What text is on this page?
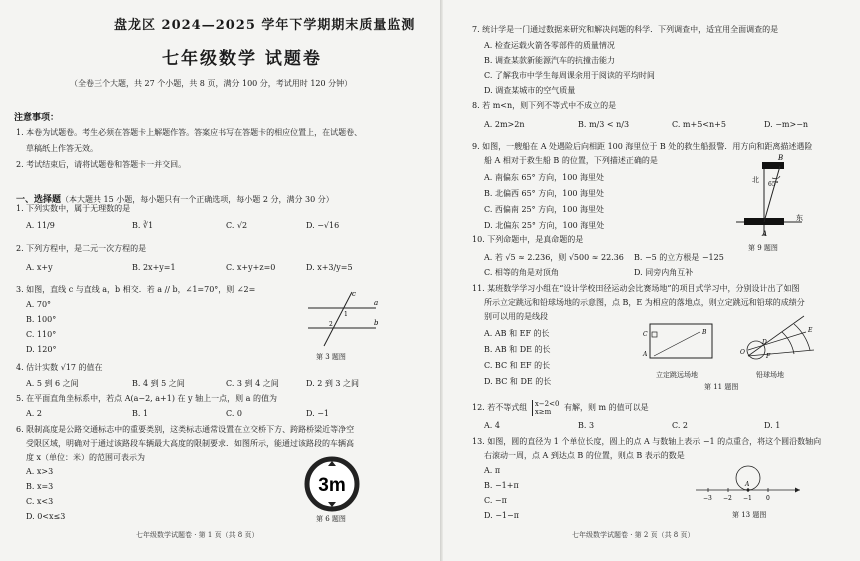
盘龙区 2024—2025 学年下学期期末质量监测
七年级数学 试题卷
（全卷三个大题，共 27 个小题，共 8 页，满分 100 分，考试用时 120 分钟）
注意事项：
1. 本卷为试题卷。考生必须在答题卡上解题作答。答案应书写在答题卡的相应位置上，在试题卷、
草稿纸上作答无效。
2. 考试结束后，请将试题卷和答题卡一并交回。
一、选择题（本大题共 15 小题，每小题只有一个正确选项，每小题 2 分，满分 30 分）
1. 下列实数中，属于无理数的是
A. 11/9	B. ∛1	C. √2	D. −√16
2. 下列方程中，是二元一次方程的是
A. x+y	B. 2x+y=1	C. x+y+z=0	D. x+3/y=5
3. 如图，直线 c 与直线 a，b 相交．若 a // b，∠1=70°，则 ∠2=
A. 70°
B. 100°
C. 110°
D. 120°
a
b
c
1
2
第 3 题图
4. 估计实数 √17 的值在
A. 5 到 6 之间	B. 4 到 5 之间	C. 3 到 4 之间	D. 2 到 3 之间
5. 在平面直角坐标系中，若点 A(a−2, a+1) 在 y 轴上一点，则 a 的值为
A. 2	B. 1	C. 0	D. −1
6. 限制高度是公路交通标志中的重要类别，这类标志通常设置在立交桥下方、跨路桥梁近等净空
受限区域，明确对于通过该路段车辆最大高度的限制要求．如图所示，能通过该路段的车辆高
度 x（单位：米）的范围可表示为
A. x>3
B. x=3
C. x<3
D. 0<x≤3
3m
第 6 题图
七年级数学试题卷 · 第 1 页（共 8 页）
7. 统计学是一门通过数据来研究和解决问题的科学．下列调查中，适宜用全面调查的是
A. 检查运载火箭各零部件的质量情况
B. 调查某款新能源汽车的抗撞击能力
C. 了解我市中学生每周课余用于阅读的平均时间
D. 调查某城市的空气质量
8. 若 m<n，则下列不等式中不成立的是
A. 2m>2n	B. m/3 < n/3	C. m+5<n+5	D. −m>−n
9. 如图，一艘船在 A 处遇险后向相距 100 海里位于 B 处的救生船报警．用方向和距离描述遇险
船 A 相对于救生船 B 的位置，下列描述正确的是
A. 南偏东 65° 方向，100 海里处
B. 北偏西 65° 方向，100 海里处
C. 西偏南 25° 方向，100 海里处
D. 北偏东 25° 方向，100 海里处
B
A
北
65°
东
第 9 题图
10. 下列命题中，是真命题的是
A. 若 √5 ≈ 2.236，则 √500 ≈ 22.36 B. −5 的立方根是 −125
C. 相等的角是对顶角	D. 同旁内角互补
11. 某班数学学习小组在“设计学校田径运动会比赛场地”的项目式学习中，分别设计出了如图
所示立定跳远和铅球场地的示意图，点 B，E 为相应的落地点，则立定跳远和铅球的成绩分
别可以用的是线段
A. AB 和 EF 的长
B. AB 和 DE 的长
C. BC 和 EF 的长
D. BC 和 DE 的长
C	B
A	O
D
F
E
立定跳远场地	铅球场地
第 11 题图
12. 若不等式组 x−2<0
x≥m	有解，则 m 的值可以是
A. 4	B. 3	C. 2	D. 1
13. 如图，圆的直径为 1 个单位长度，圆上的点 A 与数轴上表示 −1 的点重合，将这个圆沿数轴向
右滚动一周，点 A 到达点 B 的位置，则点 B 表示的数是
A. π
B. −1+π
C. −π
D. −1−π
A
−3 −2 −1 0
第 13 题图
七年级数学试题卷 · 第 2 页（共 8 页）
